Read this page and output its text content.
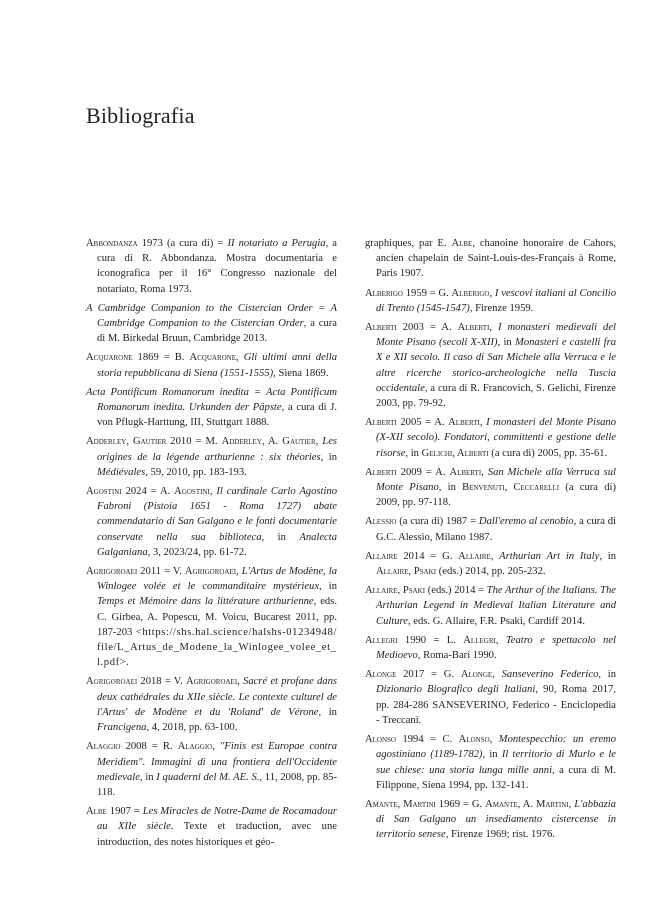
Bibliografia

Abbondanza 1973 (a cura di) = II notariato a Perugia, a cura di R. Abbondanza. Mostra documentaria e iconografica per il 16° Congresso nazionale del notariato, Roma 1973.

A Cambridge Companion to the Cistercian Order = A Cambridge Companion to the Cistercian Order, a cura di M. Birkedal Bruun, Cambridge 2013.

Acquarone 1869 = B. Acquarone, Gli ultimi anni della storia repubblicana di Siena (1551-1555), Siena 1869.

Acta Pontificum Romanorum inedita = Acta Pontificum Romanorum inedita. Urkunden der Päpste, a cura di J. von Pflugk-Harttung, III, Stuttgart 1888.

Adderley, Gautier 2010 = M. Adderley, A. Gautier, Les origines de la légende arthurienne : six théories, in Médiévales, 59, 2010, pp. 183-193.

Agostini 2024 = A. Agostini, Il cardinale Carlo Agostino Fabroni (Pistoia 1651 - Roma 1727) abate commendatario di San Galgano e le fonti documentarie conservate nella sua biblioteca, in Analecta Galganiana, 3, 2023/24, pp. 61-72.

Agrigoroaei 2011 = V. Agrigoroaei, L'Artus de Modène, la Winlogee volée et le commanditaire mystérieux, in Temps et Mémoire dans la littérature arthurienne, eds. C. Girbea, A. Popescu, M. Voicu, Bucarest 2011, pp. 187-203 <https://shs.hal.science/halshs-01234948/file/L_Artus_de_Modene_la_Winlogee_volee_et_l.pdf>.

Agrigoroaei 2018 = V. Agrigoroaei, Sacré et profane dans deux cathédrales du XIIe siècle. Le contexte culturel de l'Artus' de Modène et du 'Roland' de Vérone, in Francigena, 4, 2018, pp. 63-100.

Alaggio 2008 = R. Alaggio, "Finis est Europae contra Meridiem". Immagini di una frontiera dell'Occidente medievale, in I quaderni del M. AE. S., 11, 2008, pp. 85-118.

Albe 1907 = Les Miracles de Notre-Dame de Rocamadour au XIIe siècle. Texte et traduction, avec une introduction, des notes historiques et géo-

graphiques, par E. Albe, chanoine honoraire de Cahors, ancien chapelain de Saint-Louis-des-Français à Rome, Paris 1907.

Alberigo 1959 = G. Alberigo, I vescovi italiani al Concilio di Trento (1545-1547), Firenze 1959.

Alberti 2003 = A. Alberti, I monasteri medievali del Monte Pisano (secoli X-XII), in Monasteri e castelli fra X e XII secolo. Il caso di San Michele alla Verruca e le altre ricerche storico-archeologiche nella Tuscia occidentale, a cura di R. Francovich, S. Gelichi, Firenze 2003, pp. 79-92.

Alberti 2005 = A. Alberti, I monasteri del Monte Pisano (X-XII secolo). Fondatori, committenti e gestione delle risorse, in Gelichi, Alberti (a cura di) 2005, pp. 35-61.

Alberti 2009 = A. Alberti, San Michele alla Verruca sul Monte Pisano, in Benvenuti, Ceccarelli (a cura di) 2009, pp. 97-118.

Alessio (a cura di) 1987 = Dall'eremo al cenobio, a cura di G.C. Alessio, Milano 1987.

Allaire 2014 = G. Allaire, Arthurian Art in Italy, in Allaire, Psaki (eds.) 2014, pp. 205-232.

Allaire, Psaki (eds.) 2014 = The Arthur of the Italians. The Arthurian Legend in Medieval Italian Literature and Culture, eds. G. Allaire, F.R. Psaki, Cardiff 2014.

Allegri 1990 = L. Allegri, Teatro e spettacolo nel Medioevo, Roma-Bari 1990.

Alonge 2017 = G. Alonge, Sanseverino Federico, in Dizionario Biografico degli Italiani, 90, Roma 2017, pp. 284-286 SANSEVERINO, Federico - Enciclopedia - Treccani.

Alonso 1994 = C. Alonso, Montespecchio: un eremo agostiniano (1189-1782), in Il territorio di Murlo e le sue chiese: una storia lunga mille anni, a cura di M. Filippone, Siena 1994, pp. 132-141.

Amante, Martini 1969 = G. Amante, A. Martini, L'abbazia di San Galgano un insediamento cistercense in territorio senese, Firenze 1969; rist. 1976.
